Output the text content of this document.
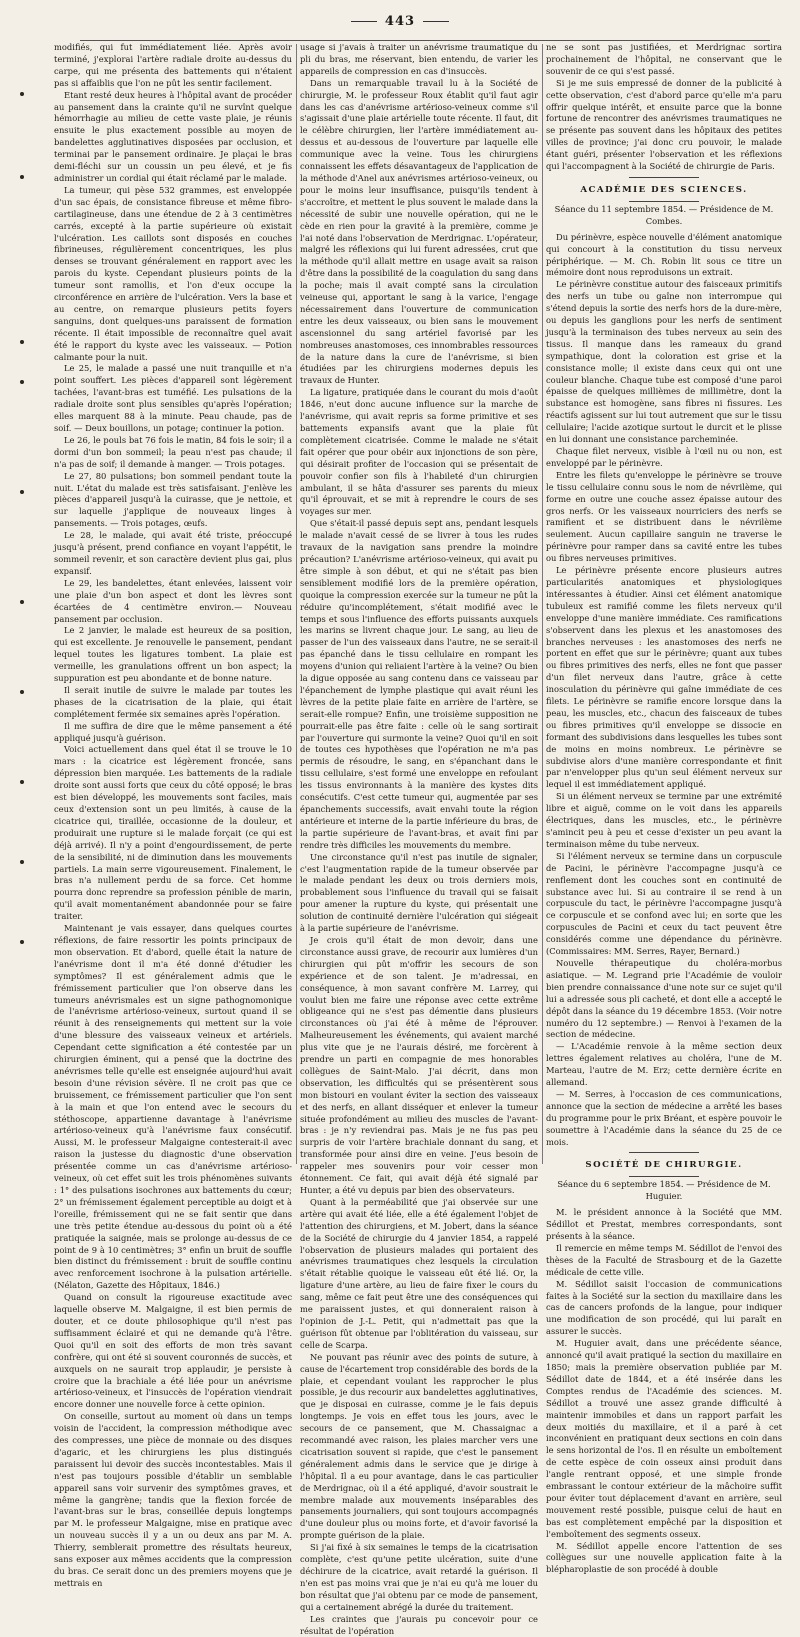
443

modifiés, qui fut immédiatement liée. Après avoir terminé, j'explorai l'artère radiale droite au-dessus du carpe, qui me présenta des battements qui n'étaient pas si affaiblis que l'on ne pût les sentir facilement.

Etant resté deux heures à l'hôpital avant de procéder au pansement dans la crainte qu'il ne survînt quelque hémorrhagie au milieu de cette vaste plaie, je réunis ensuite le plus exactement possible au moyen de bandelettes agglutinatives disposées par occlusion, et terminai par le pansement ordinaire. Je plaçai le bras demi-fléchi sur un coussin un peu élevé, et je fis administrer un cordial qui était réclamé par le malade.

La tumeur, qui pèse 532 grammes, est enveloppée d'un sac épais, de consistance fibreuse et même fibro-cartilagineuse, dans une étendue de 2 à 3 centimètres carrés, excepté à la partie supérieure où existait l'ulcération. Les caillots sont disposés en couches fibrineuses, régulièrement concentriques, les plus denses se trouvant généralement en rapport avec les parois du kyste. Cependant plusieurs points de la tumeur sont ramollis, et l'on d'eux occupe la circonférence en arrière de l'ulcération. Vers la base et au centre, on remarque plusieurs petits foyers sanguins, dont quelques-uns paraissent de formation récente. Il était impossible de reconnaître quel avait été le rapport du kyste avec les vaisseaux. — Potion calmante pour la nuit.

Le 25, le malade a passé une nuit tranquille et n'a point souffert. Les pièces d'appareil sont légèrement tachées, l'avant-bras est tuméfié. Les pulsations de la radiale droite sont plus sensibles qu'après l'opération; elles marquent 88 à la minute. Peau chaude, pas de soif. — Deux bouillons, un potage; continuer la potion.

Le 26, le pouls bat 76 fois le matin, 84 fois le soir; il a dormi d'un bon sommeil; la peau n'est pas chaude; il n'a pas de soif; il demande à manger. — Trois potages.

Le 27, 80 pulsations; bon sommeil pendant toute la nuit. L'état du malade est très satisfaisant. J'enlève les pièces d'appareil jusqu'à la cuirasse, que je nettoie, et sur laquelle j'applique de nouveaux linges à pansements. — Trois potages, œufs.

Le 28, le malade, qui avait été triste, préoccupé jusqu'à présent, prend confiance en voyant l'appétit, le sommeil revenir, et son caractère devient plus gai, plus expansif.

Le 29, les bandelettes, étant enlevées, laissent voir une plaie d'un bon aspect et dont les lèvres sont écartées de 4 centimètre environ.— Nouveau pansement par occlusion.

Le 2 janvier, le malade est heureux de sa position, qui est excellente. Je renouvelle le pansement, pendant lequel toutes les ligatures tombent. La plaie est vermeille, les granulations offrent un bon aspect; la suppuration est peu abondante et de bonne nature.

Il serait inutile de suivre le malade par toutes les phases de la cicatrisation de la plaie, qui était complétement fermée six semaines après l'opération.

Il me suffira de dire que le même pansement a été appliqué jusqu'à guérison.

Voici actuellement dans quel état il se trouve le 10 mars : la cicatrice est légèrement froncée, sans dépression bien marquée. Les battements de la radiale droite sont aussi forts que ceux du côté opposé; le bras est bien développé, les mouvements sont faciles, mais ceux d'extension sont un peu limités, à cause de la cicatrice qui, tiraillée, occasionne de la douleur, et produirait une rupture si le malade forçait (ce qui est déjà arrivé). Il n'y a point d'engourdissement, de perte de la sensibilité, ni de diminution dans les mouvements partiels. La main serre vigoureusement. Finalement, le bras n'a nullement perdu de sa force. Cet homme pourra donc reprendre sa profession pénible de marin, qu'il avait momentanément abandonnée pour se faire traiter.

Maintenant je vais essayer, dans quelques courtes réflexions, de faire ressortir les points principaux de mon observation. Et d'abord, quelle était la nature de l'anévrisme dont il m'a été donné d'étudier les symptômes? Il est généralement admis que le frémissement particulier que l'on observe dans les tumeurs anévrismales est un signe pathognomonique de l'anévrisme artérioso-veineux, surtout quand il se réunit à des renseignements qui mettent sur la voie d'une blessure des vaisseaux veineux et artériels. Cependant cette signification a été contestée par un chirurgien éminent, qui a pensé que la doctrine des anévrismes telle qu'elle est enseignée aujourd'hui avait besoin d'une révision sévère. Il ne croit pas que ce bruissement, ce frémissement particulier que l'on sent à la main et que l'on entend avec le secours du stéthoscope, appartienne davantage à l'anévrisme artérioso-veineux qu'à l'anévrisme faux consécutif. Aussi, M. le professeur Malgaigne contesterait-il avec raison la justesse du diagnostic d'une observation présentée comme un cas d'anévrisme artérioso-veineux, où cet effet suit les trois phénomènes suivants : 1° des pulsations isochrones aux battements du cœur; 2° un frémissement également perceptible au doigt et à l'oreille, frémissement qui ne se fait sentir que dans une très petite étendue au-dessous du point où a été pratiquée la saignée, mais se prolonge au-dessus de ce point de 9 à 10 centimètres; 3° enfin un bruit de souffle bien distinct du frémissement : bruit de souffle continu avec renforcement isochrone à la pulsation artérielle. (Nélaton, Gazette des Hôpitaux, 1846.)

Quand on consult la rigoureuse exactitude avec laquelle observe M. Malgaigne, il est bien permis de douter, et ce doute philosophique qu'il n'est pas suffisamment éclairé et qui ne demande qu'à l'être. Quoi qu'il en soit des efforts de mon très savant confrère, qui ont été si souvent couronnés de succès, et auxquels on ne saurait trop applaudir, je persiste à croire que la brachiale a été liée pour un anévrisme artérioso-veineux, et l'insuccès de l'opération viendrait encore donner une nouvelle force à cette opinion.

On conseille, surtout au moment où dans un temps voisin de l'accident, la compression méthodique avec des compresses, une pièce de monnaie ou des disques d'agaric, et les chirurgiens les plus distingués paraissent lui devoir des succès incontestables. Mais il n'est pas toujours possible d'établir un semblable appareil sans voir survenir des symptômes graves, et même la gangrène; tandis que la flexion forcée de l'avant-bras sur le bras, conseillée depuis longtemps par M. le professeur Malgaigne, mise en pratique avec un nouveau succès il y a un ou deux ans par M. A. Thierry, semblerait promettre des résultats heureux, sans exposer aux mêmes accidents que la compression du bras. Ce serait donc un des premiers moyens que je mettrais en

usage si j'avais à traiter un anévrisme traumatique du pli du bras, me réservant, bien entendu, de varier les appareils de compression en cas d'insuccès.

Dans un remarquable travail lu à la Société de chirurgie, M. le professeur Roux établit qu'il faut agir dans les cas d'anévrisme artérioso-veineux comme s'il s'agissait d'une plaie artérielle toute récente. Il faut, dit le célèbre chirurgien, lier l'artère immédiatement au-dessus et au-dessous de l'ouverture par laquelle elle communique avec la veine. Tous les chirurgiens connaissent les effets désavantageux de l'application de la méthode d'Anel aux anévrismes artérioso-veineux, ou pour le moins leur insuffisance, puisqu'ils tendent à s'accroître, et mettent le plus souvent le malade dans la nécessité de subir une nouvelle opération, qui ne le cède en rien pour la gravité à la première, comme je l'ai noté dans l'observation de Merdrignac. L'opérateur, malgré les réflexions qui lui furent adressées, crut que la méthode qu'il allait mettre en usage avait sa raison d'être dans la possibilité de la coagulation du sang dans la poche; mais il avait compté sans la circulation veineuse qui, apportant le sang à la varice, l'engage nécessairement dans l'ouverture de communication entre les deux vaisseaux, ou bien sans le mouvement ascensionnel du sang artériel favorisé par les nombreuses anastomoses, ces innombrables ressources de la nature dans la cure de l'anévrisme, si bien étudiées par les chirurgiens modernes depuis les travaux de Hunter.

La ligature, pratiquée dans le courant du mois d'août 1846, n'eut donc aucune influence sur la marche de l'anévrisme, qui avait repris sa forme primitive et ses battements expansifs avant que la plaie fût complètement cicatrisée. Comme le malade ne s'était fait opérer que pour obéir aux injonctions de son père, qui désirait profiter de l'occasion qui se présentait de pouvoir confier son fils à l'habileté d'un chirurgien ambulant, il se hâta d'assurer ses parents du mieux qu'il éprouvait, et se mit à reprendre le cours de ses voyages sur mer.

Que s'était-il passé depuis sept ans, pendant lesquels le malade n'avait cessé de se livrer à tous les rudes travaux de la navigation sans prendre la moindre précaution? L'anévrisme artérioso-veineux, qui avait pu être simple à son début, et qui ne s'était pas bien sensiblement modifié lors de la première opération, quoique la compression exercée sur la tumeur ne pût la réduire qu'incomplétement, s'était modifié avec le temps et sous l'influence des efforts puissants auxquels les marins se livrent chaque jour. Le sang, au lieu de passer de l'un des vaisseaux dans l'autre, ne se serait-il pas épanché dans le tissu cellulaire en rompant les moyens d'union qui reliaient l'artère à la veine? Ou bien la digue opposée au sang contenu dans ce vaisseau par l'épanchement de lymphe plastique qui avait réuni les lèvres de la petite plaie faite en arrière de l'artère, se serait-elle rompue? Enfin, une troisième supposition ne pourrait-elle pas être faite : celle où le sang sortirait par l'ouverture qui surmonte la veine? Quoi qu'il en soit de toutes ces hypothèses que l'opération ne m'a pas permis de résoudre, le sang, en s'épanchant dans le tissu cellulaire, s'est formé une enveloppe en refoulant les tissus environnants à la manière des kystes dits consécutifs. C'est cette tumeur qui, augmentée par ses épanchements successifs, avait envahi toute la région antérieure et interne de la partie inférieure du bras, de la partie supérieure de l'avant-bras, et avait fini par rendre très difficiles les mouvements du membre.

Une circonstance qu'il n'est pas inutile de signaler, c'est l'augmentation rapide de la tumeur observée par le malade pendant les deux ou trois derniers mois, probablement sous l'influence du travail qui se faisait pour amener la rupture du kyste, qui présentait une solution de continuité dernière l'ulcération qui siégeait à la partie supérieure de l'anévrisme.

Je crois qu'il était de mon devoir, dans une circonstance aussi grave, de recourir aux lumières d'un chirurgien qui pût m'offrir les secours de son expérience et de son talent. Je m'adressai, en conséquence, à mon savant confrère M. Larrey, qui voulut bien me faire une réponse avec cette extrême obligeance qui ne s'est pas démentie dans plusieurs circonstances où j'ai été à même de l'éprouver. Malheureusement les événements, qui avaient marché plus vite que je ne l'aurais désiré, me forcèrent à prendre un parti en compagnie de mes honorables collègues de Saint-Malo. J'ai décrit, dans mon observation, les difficultés qui se présentèrent sous mon bistouri en voulant éviter la section des vaisseaux et des nerfs, en allant disséquer et enlever la tumeur située profondément au milieu des muscles de l'avant-bras : je n'y reviendrai pas. Mais je ne fus pas peu surpris de voir l'artère brachiale donnant du sang, et transformée pour ainsi dire en veine. J'eus besoin de rappeler mes souvenirs pour voir cesser mon étonnement. Ce fait, qui avait déjà été signalé par Hunter, a été vu depuis par bien des observateurs.

Quant à la perméabilité que j'ai observée sur une artère qui avait été liée, elle a été également l'objet de l'attention des chirurgiens, et M. Jobert, dans la séance de la Société de chirurgie du 4 janvier 1854, a rappelé l'observation de plusieurs malades qui portaient des anévrismes traumatiques chez lesquels la circulation s'était rétablie quoique le vaisseau eût été lié. Or, la ligature d'une artère, au lieu de faire fixer le cours du sang, même ce fait peut être une des conséquences qui me paraissent justes, et qui donneraient raison à l'opinion de J.-L. Petit, qui n'admettait pas que la guérison fût obtenue par l'oblitération du vaisseau, sur celle de Scarpa.

Ne pouvant pas réunir avec des points de suture, à cause de l'écartement trop considérable des bords de la plaie, et cependant voulant les rapprocher le plus possible, je dus recourir aux bandelettes agglutinatives, que je disposai en cuirasse, comme je le fais depuis longtemps. Je vois en effet tous les jours, avec le secours de ce pansement, que M. Chassaignac a recommandé avec raison, les plaies marcher vers une cicatrisation souvent si rapide, que c'est le pansement généralement admis dans le service que je dirige à l'hôpital. Il a eu pour avantage, dans le cas particulier de Merdrignac, où il a été appliqué, d'avoir soustrait le membre malade aux mouvements inséparables des pansements journaliers, qui sont toujours accompagnés d'une douleur plus ou moins forte, et d'avoir favorisé la prompte guérison de la plaie.

Si j'ai fixé à six semaines le temps de la cicatrisation complète, c'est qu'une petite ulcération, suite d'une déchirure de la cicatrice, avait retardé la guérison. Il n'en est pas moins vrai que je n'ai eu qu'à me louer du bon résultat que j'ai obtenu par ce mode de pansement, qui a certainement abrégé la durée du traitement.

Les craintes que j'aurais pu concevoir pour ce résultat de l'opération

ne se sont pas justifiées, et Merdrignac sortira prochainement de l'hôpital, ne conservant que le souvenir de ce qui s'est passé.

Si je me suis empressé de donner de la publicité à cette observation, c'est d'abord parce qu'elle m'a paru offrir quelque intérêt, et ensuite parce que la bonne fortune de rencontrer des anévrismes traumatiques ne se présente pas souvent dans les hôpitaux des petites villes de province; j'ai donc cru pouvoir, le malade étant guéri, présenter l'observation et les réflexions qui l'accompagnent à la Société de chirurgie de Paris.

ACADÉMIE DES SCIENCES.
Séance du 11 septembre 1854. — Présidence de M. Combes.

Du périnèvre, espèce nouvelle d'élément anatomique qui concourt à la constitution du tissu nerveux périphérique. — M. Ch. Robin lit sous ce titre un mémoire dont nous reproduisons un extrait.

Le périnèvre constitue autour des faisceaux primitifs des nerfs un tube ou gaîne non interrompue qui s'étend depuis la sortie des nerfs hors de la dure-mère, ou depuis les ganglions pour les nerfs de sentiment jusqu'à la terminaison des tubes nerveux au sein des tissus. Il manque dans les rameaux du grand sympathique, dont la coloration est grise et la consistance molle; il existe dans ceux qui ont une couleur blanche. Chaque tube est composé d'une paroi épaisse de quelques millièmes de millimètre, dont la substance est homogène, sans fibres ni fissures. Les réactifs agissent sur lui tout autrement que sur le tissu cellulaire; l'acide azotique surtout le durcit et le plisse en lui donnant une consistance parcheminée.

Chaque filet nerveux, visible à l'œil nu ou non, est enveloppé par le périnèvre.

Entre les filets qu'enveloppe le périnèvre se trouve le tissu cellulaire connu sous le nom de névrilème, qui forme en outre une couche assez épaisse autour des gros nerfs. Or les vaisseaux nourriciers des nerfs se ramifient et se distribuent dans le névrilème seulement. Aucun capillaire sanguin ne traverse le périnèvre pour ramper dans sa cavité entre les tubes ou fibres nerveuses primitives.

Le périnèvre présente encore plusieurs autres particularités anatomiques et physiologiques intéressantes à étudier. Ainsi cet élément anatomique tubuleux est ramifié comme les filets nerveux qu'il enveloppe d'une manière immédiate. Ces ramifications s'observent dans les plexus et les anastomoses des branches nerveuses : les anastomoses des nerfs ne portent en effet que sur le périnèvre; quant aux tubes ou fibres primitives des nerfs, elles ne font que passer d'un filet nerveux dans l'autre, grâce à cette inosculation du périnèvre qui gaîne immédiate de ces filets. Le périnèvre se ramifie encore lorsque dans la peau, les muscles, etc., chacun des faisceaux de tubes ou fibres primitives qu'il enveloppe se dissocie en formant des subdivisions dans lesquelles les tubes sont de moins en moins nombreux. Le périnèvre se subdivise alors d'une manière correspondante et finit par n'envelopper plus qu'un seul élément nerveux sur lequel il est immédiatement appliqué.

Si un élément nerveux se termine par une extrémité libre et aiguë, comme on le voit dans les appareils électriques, dans les muscles, etc., le périnèvre s'amincit peu à peu et cesse d'exister un peu avant la terminaison même du tube nerveux.

Si l'élément nerveux se termine dans un corpuscule de Pacini, le périnèvre l'accompagne jusqu'à ce renflement dont les couches sont en continuité de substance avec lui. Si au contraire il se rend à un corpuscule du tact, le périnèvre l'accompagne jusqu'à ce corpuscule et se confond avec lui; en sorte que les corpuscules de Pacini et ceux du tact peuvent être considérés comme une dépendance du périnèvre. (Commissaires: MM. Serres, Rayer, Bernard.)

Nouvelle thérapeutique du choléra-morbus asiatique. — M. Legrand prie l'Académie de vouloir bien prendre connaissance d'une note sur ce sujet qu'il lui a adressée sous pli cacheté, et dont elle a accepté le dépôt dans la séance du 19 décembre 1853. (Voir notre numéro du 12 septembre.) — Renvoi à l'examen de la section de médecine.

— L'Académie renvoie à la même section deux lettres également relatives au choléra, l'une de M. Marteau, l'autre de M. Erz; cette dernière écrite en allemand.

— M. Serres, à l'occasion de ces communications, annonce que la section de médecine a arrêté les bases du programme pour le prix Bréant, et espère pouvoir le soumettre à l'Académie dans la séance du 25 de ce mois.

SOCIÉTÉ DE CHIRURGIE.
Séance du 6 septembre 1854. — Présidence de M. Huguier.

M. le président annonce à la Société que MM. Sédillot et Prestat, membres correspondants, sont présents à la séance.

Il remercie en même temps M. Sédillot de l'envoi des thèses de la Faculté de Strasbourg et de la Gazette médicale de cette ville.

M. Sédillot saisit l'occasion de communications faites à la Société sur la section du maxillaire dans les cas de cancers profonds de la langue, pour indiquer une modification de son procédé, qui lui paraît en assurer le succès.

M. Huguier avait, dans une précédente séance, annoncé qu'il avait pratiqué la section du maxillaire en 1850; mais la première observation publiée par M. Sédillot date de 1844, et a été insérée dans les Comptes rendus de l'Académie des sciences. M. Sédillot a trouvé une assez grande difficulté à maintenir immobiles et dans un rapport parfait les deux moitiés du maxillaire, et il a paré à cet inconvénient en pratiquant deux sections en coin dans le sens horizontal de l'os. Il en résulte un emboîtement de cette espèce de coin osseux ainsi produit dans l'angle rentrant opposé, et une simple fronde embrassant le contour extérieur de la mâchoire suffit pour éviter tout déplacement d'avant en arrière, seul mouvement resté possible, puisque celui de haut en bas est complètement empêché par la disposition et l'emboîtement des segments osseux.

M. Sédillot appelle encore l'attention de ses collègues sur une nouvelle application faite à la blépharoplastie de son procédé à double
